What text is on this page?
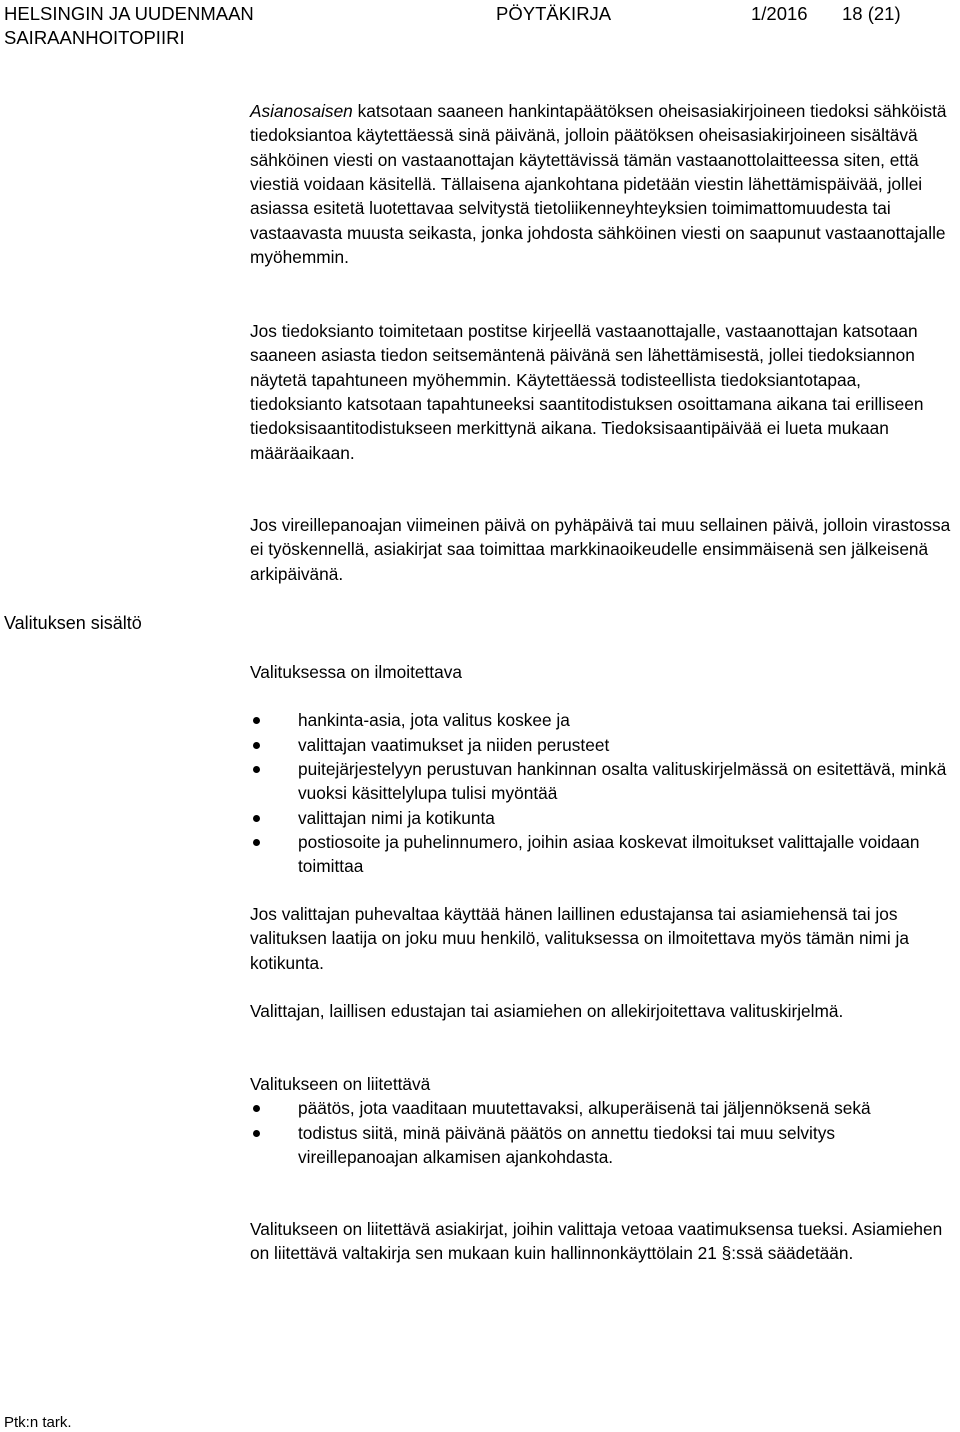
HELSINGIN JA UUDENMAAN
SAIRAANHOITOPIIRI
PÖYTÄKIRJA	1/2016 18 (21)
Valituksen sisältö

Asianosaisen katsotaan saaneen hankintapäätöksen oheisasiakirjoineen tiedoksi sähköistä tiedoksiantoa käytettäessä sinä päivänä, jolloin päätöksen oheisasiakirjoineen sisältävä sähköinen viesti on vastaanottajan käytettävissä tämän vastaanottolaitteessa siten, että viestiä voidaan käsitellä. Tällaisena ajankohtana pidetään viestin lähettämispäivää, jollei asiassa esitetä luotettavaa selvitystä tietoliikenneyhteyksien toimimattomuudesta tai vastaavasta muusta seikasta, jonka johdosta sähköinen viesti on saapunut vastaanottajalle myöhemmin.

Jos tiedoksianto toimitetaan postitse kirjeellä vastaanottajalle, vastaanottajan katsotaan saaneen asiasta tiedon seitsemäntenä päivänä sen lähettämisestä, jollei tiedoksiannon näytetä tapahtuneen myöhemmin. Käytettäessä todisteellista tiedoksiantotapaa, tiedoksianto katsotaan tapahtuneeksi saantitodistuksen osoittamana aikana tai erilliseen tiedoksisaantitodistukseen merkittynä aikana. Tiedoksisaantipäivää ei lueta mukaan määräaikaan.

Jos vireillepanoajan viimeinen päivä on pyhäpäivä tai muu sellainen päivä, jolloin virastossa ei työskennellä, asiakirjat saa toimittaa markkinaoikeudelle ensimmäisenä sen jälkeisenä arkipäivänä.

Valituksessa on ilmoitettava

hankinta-asia, jota valitus koskee ja
valittajan vaatimukset ja niiden perusteet
puitejärjestelyyn perustuvan hankinnan osalta valituskirjelmässä on esitettävä, minkä vuoksi käsittelylupa tulisi myöntää
valittajan nimi ja kotikunta
postiosoite ja puhelinnumero, joihin asiaa koskevat ilmoitukset valittajalle voidaan toimittaa

Jos valittajan puhevaltaa käyttää hänen laillinen edustajansa tai asiamiehensä tai jos valituksen laatija on joku muu henkilö, valituksessa on ilmoitettava myös tämän nimi ja kotikunta.

Valittajan, laillisen edustajan tai asiamiehen on allekirjoitettava valituskirjelmä.

Valitukseen on liitettävä

päätös, jota vaaditaan muutettavaksi, alkuperäisenä tai jäljennöksenä sekä
todistus siitä, minä päivänä päätös on annettu tiedoksi tai muu selvitys vireillepanoajan alkamisen ajankohdasta.

Valitukseen on liitettävä asiakirjat, joihin valittaja vetoaa vaatimuksensa tueksi. Asiamiehen on liitettävä valtakirja sen mukaan kuin hallinnonkäyttölain 21 §:ssä säädetään.

Ptk:n tark.
